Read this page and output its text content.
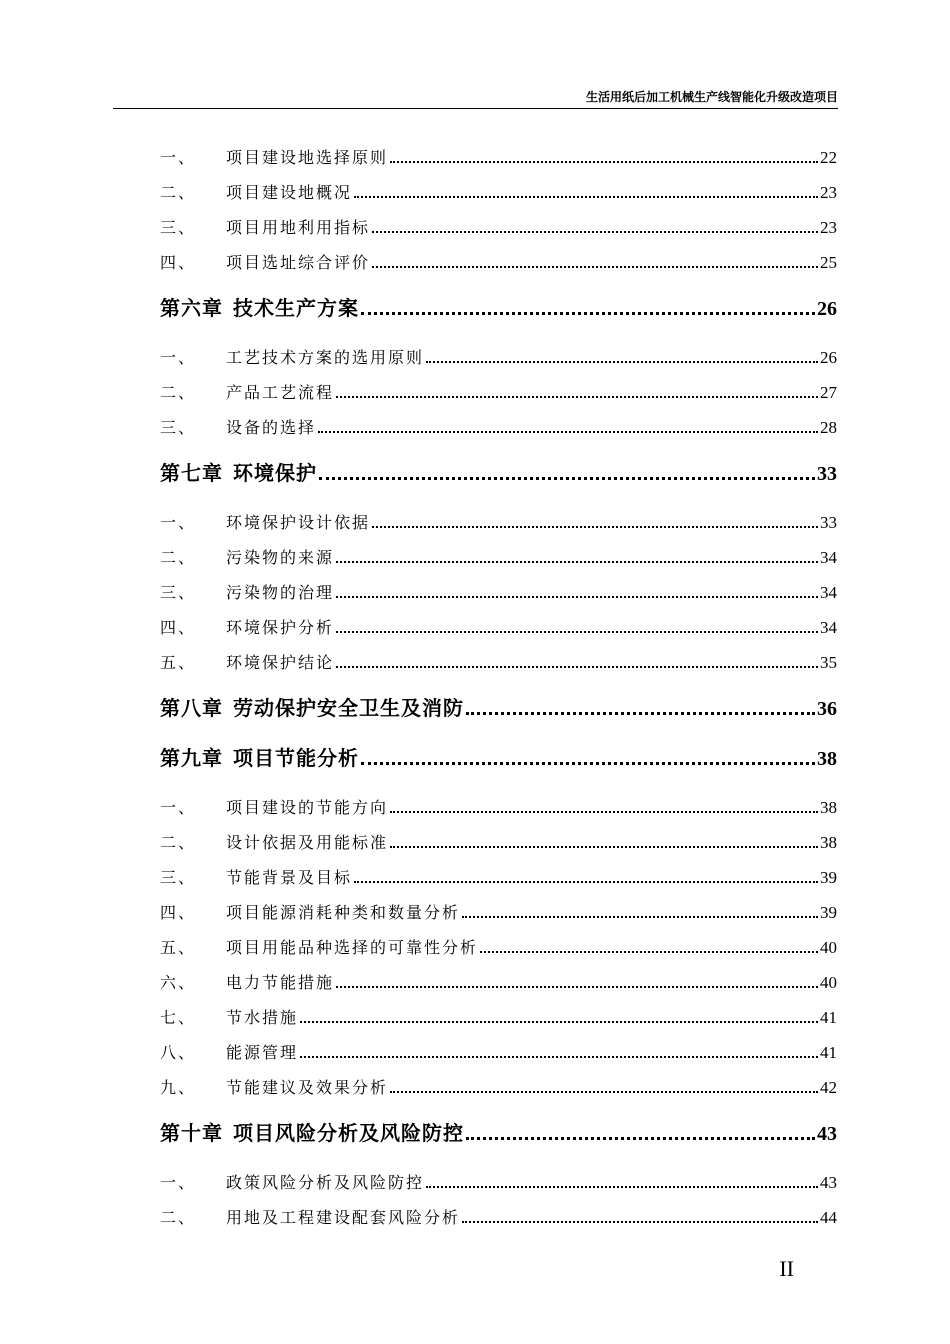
生活用纸后加工机械生产线智能化升级改造项目
一、	项目建设地选择原则	22
二、	项目建设地概况	23
三、	项目用地利用指标	23
四、	项目选址综合评价	25
第六章 技术生产方案	26
一、	工艺技术方案的选用原则	26
二、	产品工艺流程	27
三、	设备的选择	28
第七章 环境保护	33
一、	环境保护设计依据	33
二、	污染物的来源	34
三、	污染物的治理	34
四、	环境保护分析	34
五、	环境保护结论	35
第八章 劳动保护安全卫生及消防	36
第九章 项目节能分析	38
一、	项目建设的节能方向	38
二、	设计依据及用能标准	38
三、	节能背景及目标	39
四、	项目能源消耗种类和数量分析	39
五、	项目用能品种选择的可靠性分析	40
六、	电力节能措施	40
七、	节水措施	41
八、	能源管理	41
九、	节能建议及效果分析	42
第十章 项目风险分析及风险防控	43
一、	政策风险分析及风险防控	43
二、	用地及工程建设配套风险分析	44
II
